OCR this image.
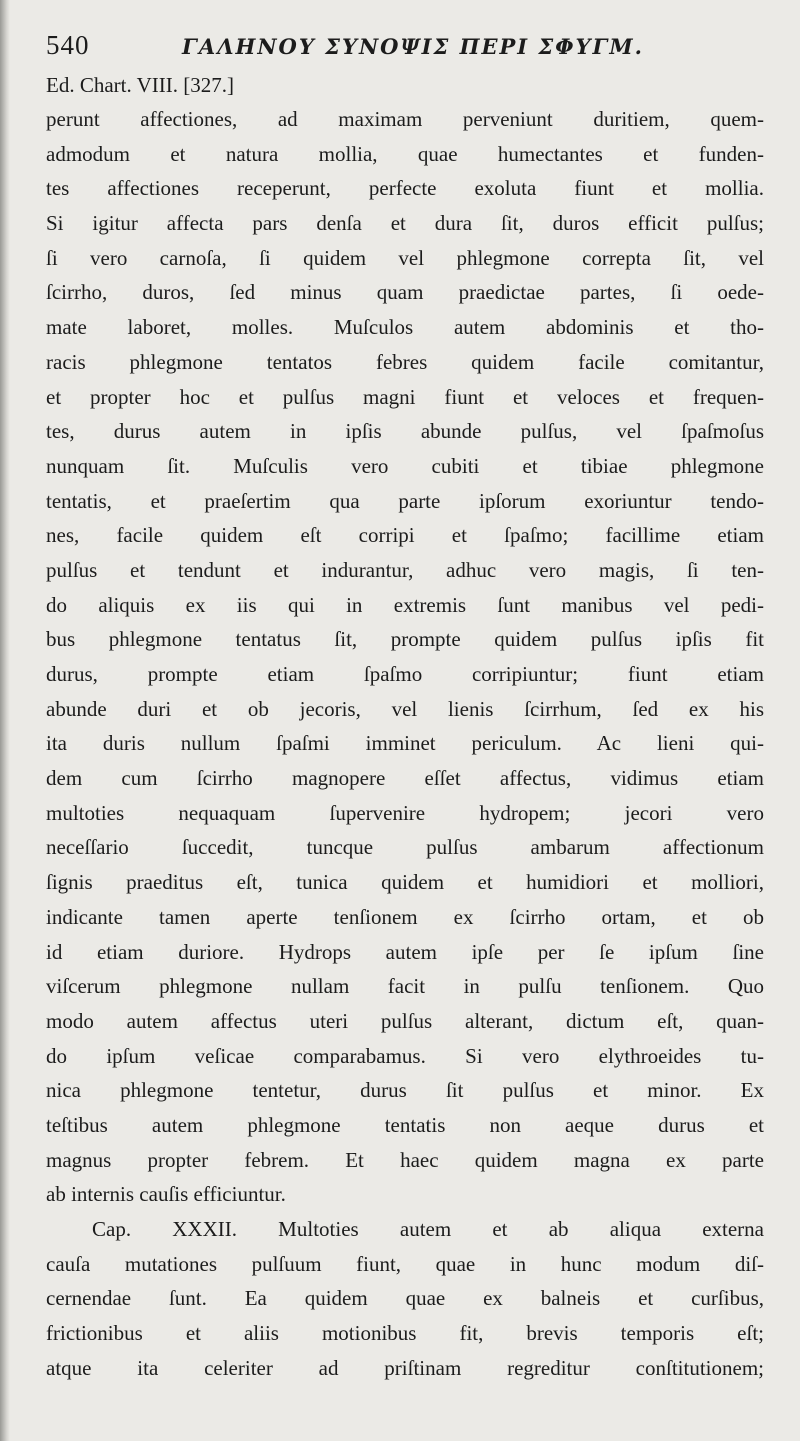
540	ΓΑΛΗΝΟΥ ΣΥΝΟΨΙΣ ΠΕΡΙ ΣΦΥΓΜ.
Ed. Chart. VIII. [327.]
perunt affectiones, ad maximam perveniunt duritiem, quem-
admodum et natura mollia, quae humectantes et funden-
tes affectiones receperunt, perfecte exoluta fiunt et mollia.
Si igitur affecta pars denſa et dura ſit, duros efficit pulſus;
ſi vero carnoſa, ſi quidem vel phlegmone correpta ſit, vel
ſcirrho, duros, ſed minus quam praedictae partes, ſi oede-
mate laboret, molles. Muſculos autem abdominis et tho-
racis phlegmone tentatos febres quidem facile comitantur,
et propter hoc et pulſus magni fiunt et veloces et frequen-
tes, durus autem in ipſis abunde pulſus, vel ſpaſmoſus
nunquam ſit. Muſculis vero cubiti et tibiae phlegmone
tentatis, et praeſertim qua parte ipſorum exoriuntur tendo-
nes, facile quidem eſt corripi et ſpaſmo; facillime etiam
pulſus et tendunt et indurantur, adhuc vero magis, ſi ten-
do aliquis ex iis qui in extremis ſunt manibus vel pedi-
bus phlegmone tentatus ſit, prompte quidem pulſus ipſis fit
durus, prompte etiam ſpaſmo corripiuntur; fiunt etiam
abunde duri et ob jecoris, vel lienis ſcirrhum, ſed ex his
ita duris nullum ſpaſmi imminet periculum. Ac lieni qui-
dem cum ſcirrho magnopere eſſet affectus, vidimus etiam
multoties nequaquam ſupervenire hydropem; jecori vero
neceſſario ſuccedit, tuncque pulſus ambarum affectionum
ſignis praeditus eſt, tunica quidem et humidiori et molliori,
indicante tamen aperte tenſionem ex ſcirrho ortam, et ob
id etiam duriore. Hydrops autem ipſe per ſe ipſum ſine
viſcerum phlegmone nullam facit in pulſu tenſionem. Quo
modo autem affectus uteri pulſus alterant, dictum eſt, quan-
do ipſum veſicae comparabamus. Si vero elythroeides tu-
nica phlegmone tentetur, durus ſit pulſus et minor. Ex
teſtibus autem phlegmone tentatis non aeque durus et
magnus propter febrem. Et haec quidem magna ex parte
ab internis cauſis efficiuntur.
Cap. XXXII. Multoties autem et ab aliqua externa
cauſa mutationes pulſuum fiunt, quae in hunc modum diſ-
cernendae ſunt. Ea quidem quae ex balneis et curſibus,
frictionibus et aliis motionibus fit, brevis temporis eſt;
atque ita celeriter ad priſtinam regreditur conſtitutionem;
